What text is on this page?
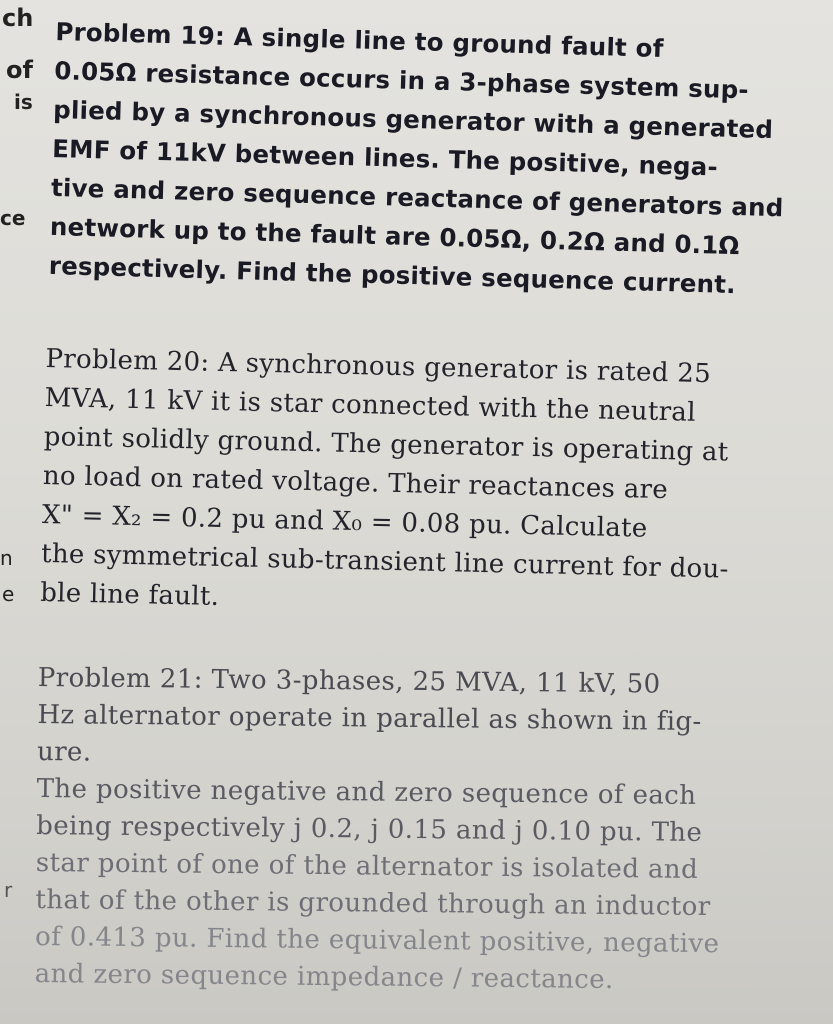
ch
of
is
ce
n
e
r
Problem 19: A single line to ground fault of
0.05Ω resistance occurs in a 3-phase system sup-
plied by a synchronous generator with a generated
EMF of 11kV between lines. The positive, nega-
tive and zero sequence reactance of generators and
network up to the fault are 0.05Ω, 0.2Ω and 0.1Ω
respectively. Find the positive sequence current.
Problem 20: A synchronous generator is rated 25
MVA, 11 kV it is star connected with the neutral
point solidly ground. The generator is operating at
no load on rated voltage. Their reactances are
X" = X₂ = 0.2 pu and X₀ = 0.08 pu. Calculate
the symmetrical sub-transient line current for dou-
ble line fault.
Problem 21: Two 3-phases, 25 MVA, 11 kV, 50
Hz alternator operate in parallel as shown in fig-
ure.
The positive negative and zero sequence of each
being respectively j 0.2, j 0.15 and j 0.10 pu. The
star point of one of the alternator is isolated and
that of the other is grounded through an inductor
of 0.413 pu. Find the equivalent positive, negative
and zero sequence impedance / reactance.
